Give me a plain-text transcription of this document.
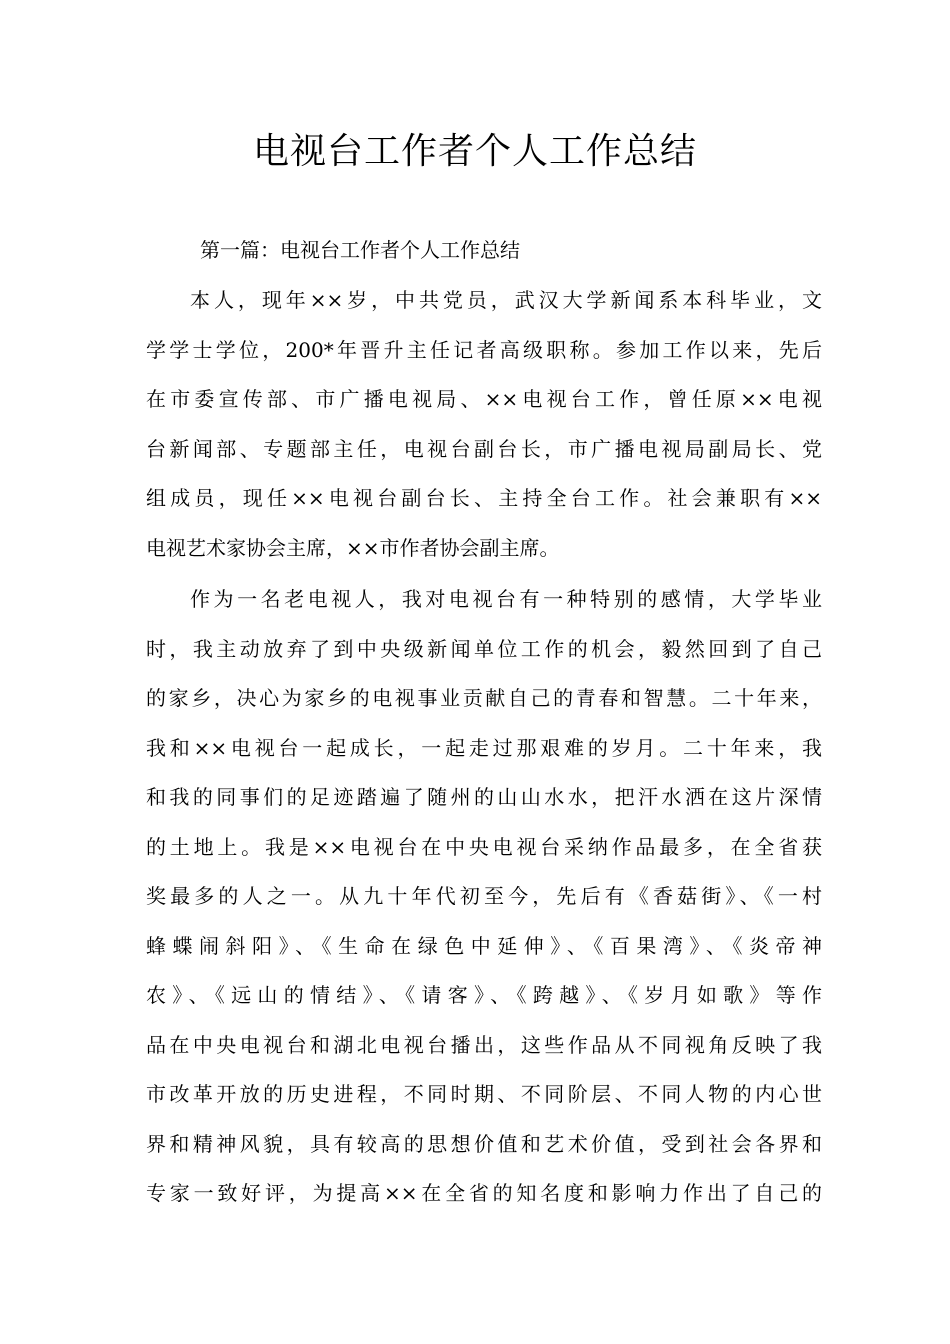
电视台工作者个人工作总结
第一篇：电视台工作者个人工作总结
本人，现年××岁，中共党员，武汉大学新闻系本科毕业，文
学学士学位，200*年晋升主任记者高级职称。参加工作以来，先后
在市委宣传部、市广播电视局、××电视台工作，曾任原××电视
台新闻部、专题部主任，电视台副台长，市广播电视局副局长、党
组成员，现任××电视台副台长、主持全台工作。社会兼职有××
电视艺术家协会主席，××市作者协会副主席。
作为一名老电视人，我对电视台有一种特别的感情，大学毕业
时，我主动放弃了到中央级新闻单位工作的机会，毅然回到了自己
的家乡，决心为家乡的电视事业贡献自己的青春和智慧。二十年来，
我和××电视台一起成长，一起走过那艰难的岁月。二十年来，我
和我的同事们的足迹踏遍了随州的山山水水，把汗水洒在这片深情
的土地上。我是××电视台在中央电视台采纳作品最多，在全省获
奖最多的人之一。从九十年代初至今，先后有《香菇街》、《一村
蜂蝶闹斜阳》、《生命在绿色中延伸》、《百果湾》、《炎帝神
农》、《远山的情结》、《请客》、《跨越》、《岁月如歌》等作
品在中央电视台和湖北电视台播出，这些作品从不同视角反映了我
市改革开放的历史进程，不同时期、不同阶层、不同人物的内心世
界和精神风貌，具有较高的思想价值和艺术价值，受到社会各界和
专家一致好评，为提高××在全省的知名度和影响力作出了自己的
